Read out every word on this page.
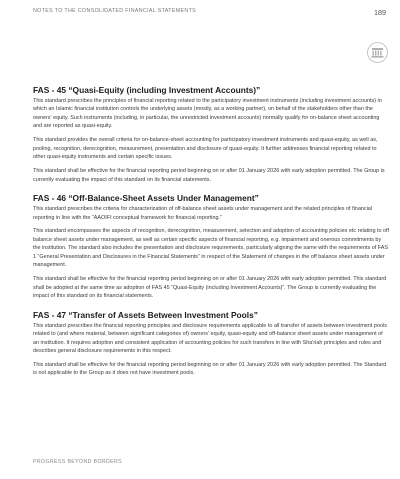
NOTES TO THE CONSOLIDATED FINANCIAL STATEMENTS	189
FAS - 45 “Quasi-Equity (including Investment Accounts)”

This standard prescribes the principles of financial reporting related to the participatory investment instruments (including investment accounts) in which an Islamic financial institution controls the underlying assets (mostly, as a working partner), on behalf of the stakeholders other than the owners' equity. Such instruments (including, in particular, the unrestricted investment accounts) normally qualify for on-balance sheet accounting and are reported as quasi-equity.

This standard provides the overall criteria for on-balance-sheet accounting for participatory investment instruments and quasi-equity, as well as, pooling, recognition, derecognition, measurement, presentation and disclosure of quasi-equity. It further addresses financial reporting related to other quasi-equity instruments and certain specific issues.

This standard shall be effective for the financial reporting period beginning on or after 01 January 2026 with early adoption permitted. The Group is currently evaluating the impact of this standard on its financial statements.

FAS - 46 “Off-Balance-Sheet Assets Under Management”

This standard prescribes the criteria for characterization of off-balance sheet assets under management and the related principles of financial reporting in line with the “AAOIFI conceptual framework for financial reporting.”

This standard encompasses the aspects of recognition, derecognition, measurement, selection and adoption of accounting policies etc relating to off balance sheet assets under management, as well as certain specific aspects of financial reporting, e.g. impairment and onerous commitments by the institution. The standard also includes the presentation and disclosure requirements, particularly aligning the same with the requirements of FAS 1 “General Presentation and Disclosures in the Financial Statements” in respect of the Statement of changes in the off balance sheet assets under management.

This standard shall be effective for the financial reporting period beginning on or after 01 January 2026 with early adoption permitted. This standard shall be adopted at the same time as adoption of FAS 45 “Quasi-Equity (including Investment Accounts)”. The Group is currently evaluating the impact of this standard on its financial statements.

FAS - 47 “Transfer of Assets Between Investment Pools”

This standard prescribes the financial reporting principles and disclosure requirements applicable to all transfer of assets between investment pools related to (and where material, between significant categories of) owners' equity, quasi-equity and off-balance sheet assets under management of an institution. It requires adoption and consistent application of accounting policies for such transfers in line with Sha'riah principles and rules and describes general disclosure requirements in this respect.

This standard shall be effective for the financial reporting period beginning on or after 01 January 2026 with early adoption permitted. The Standard is not applicable to the Group as it does not have investment pools.

PROGRESS BEYOND BORDERS
